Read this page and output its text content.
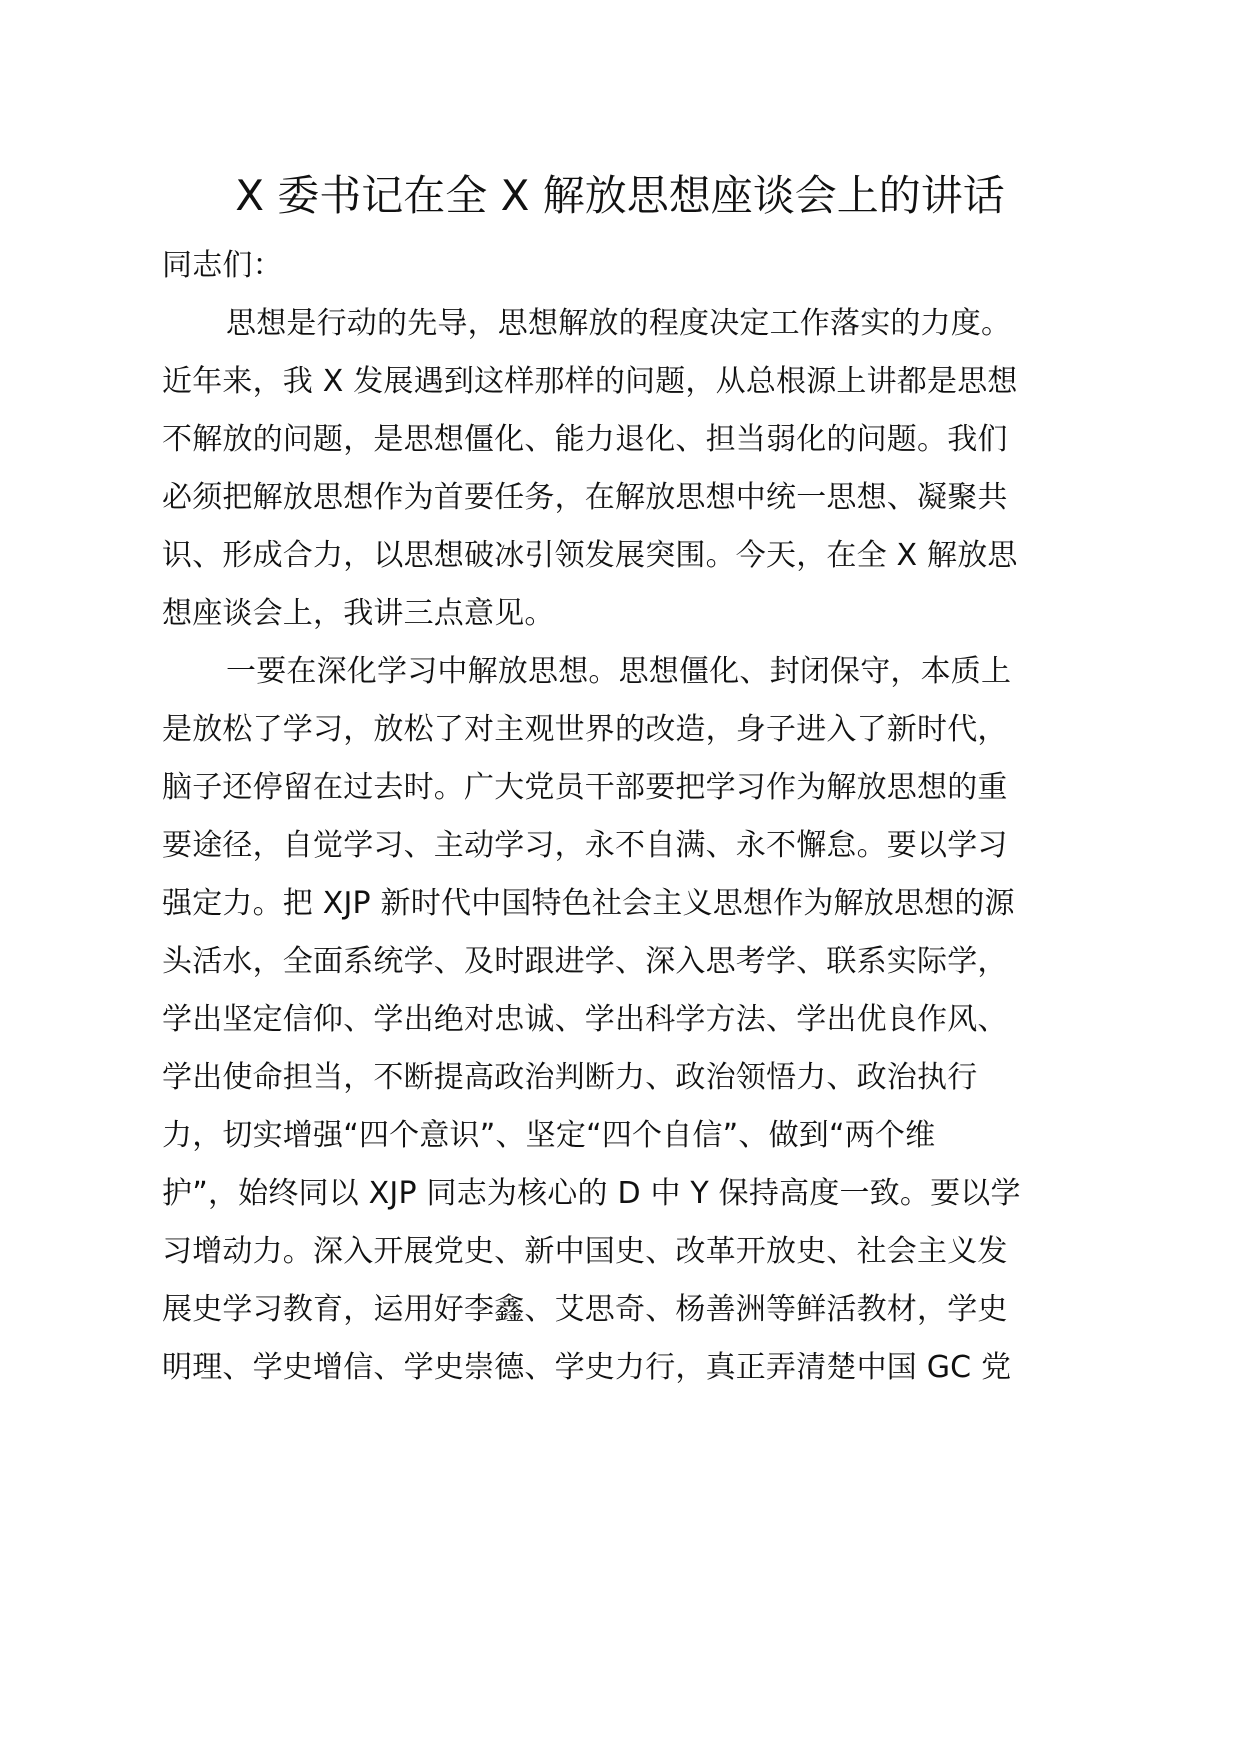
X 委书记在全 X 解放思想座谈会上的讲话
同志们：
思想是行动的先导，思想解放的程度决定工作落实的力度。
近年来，我 X 发展遇到这样那样的问题，从总根源上讲都是思想
不解放的问题，是思想僵化、能力退化、担当弱化的问题。我们
必须把解放思想作为首要任务，在解放思想中统一思想、凝聚共
识、形成合力，以思想破冰引领发展突围。今天，在全 X 解放思
想座谈会上，我讲三点意见。
一要在深化学习中解放思想。思想僵化、封闭保守，本质上
是放松了学习，放松了对主观世界的改造，身子进入了新时代，
脑子还停留在过去时。广大党员干部要把学习作为解放思想的重
要途径，自觉学习、主动学习，永不自满、永不懈怠。要以学习
强定力。把 XJP 新时代中国特色社会主义思想作为解放思想的源
头活水，全面系统学、及时跟进学、深入思考学、联系实际学，
学出坚定信仰、学出绝对忠诚、学出科学方法、学出优良作风、
学出使命担当，不断提高政治判断力、政治领悟力、政治执行
力，切实增强“四个意识”、坚定“四个自信”、做到“两个维
护”，始终同以 XJP 同志为核心的 D 中 Y 保持高度一致。要以学
习增动力。深入开展党史、新中国史、改革开放史、社会主义发
展史学习教育，运用好李鑫、艾思奇、杨善洲等鲜活教材，学史
明理、学史增信、学史崇德、学史力行，真正弄清楚中国 GC 党
